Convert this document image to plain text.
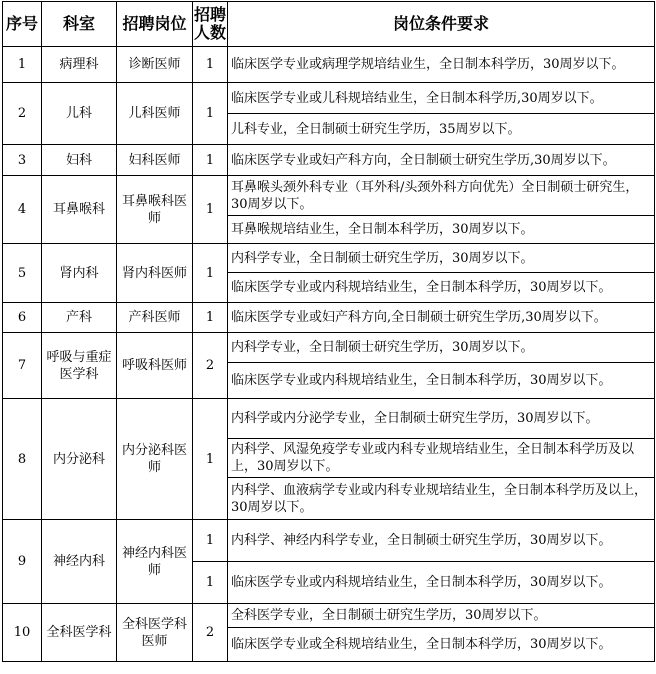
序号	科室	招聘岗位	招聘人数	岗位条件要求
1	病理科	诊断医师	1	临床医学专业或病理学规培结业生，全日制本科学历，30周岁以下。
2	儿科	儿科医师	1	临床医学专业或儿科规培结业生，全日制本科学历,30周岁以下。
				儿科专业，全日制硕士研究生学历，35周岁以下。
3	妇科	妇科医师	1	临床医学专业或妇产科方向，全日制硕士研究生学历,30周岁以下。
4	耳鼻喉科	耳鼻喉科医师	1	耳鼻喉头颈外科专业（耳外科/头颈外科方向优先）全日制硕士研究生，30周岁以下。
				耳鼻喉规培结业生，全日制本科学历，30周岁以下。
5	肾内科	肾内科医师	1	内科学专业，全日制硕士研究生学历，30周岁以下。
				临床医学专业或内科规培结业生，全日制本科学历，30周岁以下。
6	产科	产科医师	1	临床医学专业或妇产科方向,全日制硕士研究生学历,30周岁以下。
7	呼吸与重症医学科	呼吸科医师	2	内科学专业，全日制硕士研究生学历，30周岁以下。
				临床医学专业或内科规培结业生，全日制本科学历，30周岁以下。
8	内分泌科	内分泌科医师	1	内科学或内分泌学专业，全日制硕士研究生学历，30周岁以下。
				内科学、风湿免疫学专业或内科专业规培结业生，全日制本科学历及以上，30周岁以下。
				内科学、血液病学专业或内科专业规培结业生，全日制本科学历及以上，30周岁以下。
9	神经内科	神经内科医师	1	内科学、神经内科学专业，全日制硕士研究生学历，30周岁以下。
			1	临床医学专业或内科规培结业生，全日制本科学历，30周岁以下。
10	全科医学科	全科医学科医师	2	全科医学专业，全日制硕士研究生学历，30周岁以下。
				临床医学专业或全科规培结业生，全日制本科学历，30周岁以下。
